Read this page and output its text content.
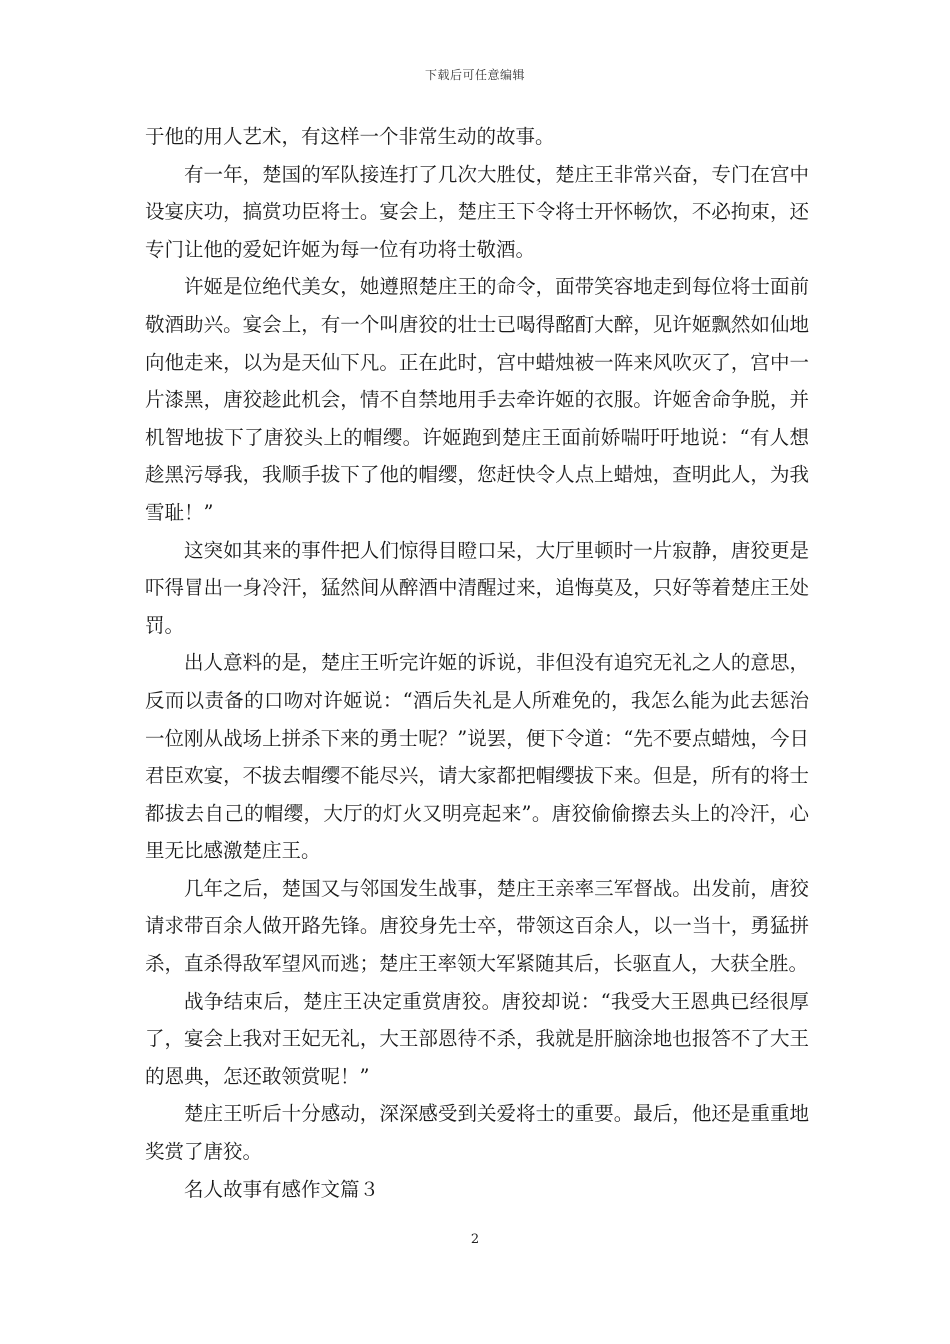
下载后可任意编辑

于他的用人艺术，有这样一个非常生动的故事。

有一年，楚国的军队接连打了几次大胜仗，楚庄王非常兴奋，专门在宫中设宴庆功，搞赏功臣将士。宴会上，楚庄王下令将士开怀畅饮，不必拘束，还专门让他的爱妃许姬为每一位有功将士敬酒。

许姬是位绝代美女，她遵照楚庄王的命令，面带笑容地走到每位将士面前敬酒助兴。宴会上，有一个叫唐狡的壮士已喝得酩酊大醉，见许姬飘然如仙地向他走来，以为是天仙下凡。正在此时，宫中蜡烛被一阵来风吹灭了，宫中一片漆黑，唐狡趁此机会，情不自禁地用手去牵许姬的衣服。许姬舍命争脱，并机智地拔下了唐狡头上的帽缨。许姬跑到楚庄王面前娇喘吁吁地说：“有人想趁黑污辱我，我顺手拔下了他的帽缨，您赶快令人点上蜡烛，查明此人，为我雪耻！”

这突如其来的事件把人们惊得目瞪口呆，大厅里顿时一片寂静，唐狡更是吓得冒出一身冷汗，猛然间从醉酒中清醒过来，追悔莫及，只好等着楚庄王处罚。

出人意料的是，楚庄王听完许姬的诉说，非但没有追究无礼之人的意思，反而以责备的口吻对许姬说：“酒后失礼是人所难免的，我怎么能为此去惩治一位刚从战场上拼杀下来的勇士呢？”说罢，便下令道：“先不要点蜡烛，今日君臣欢宴，不拔去帽缨不能尽兴，请大家都把帽缨拔下来。但是，所有的将士都拔去自己的帽缨，大厅的灯火又明亮起来”。唐狡偷偷擦去头上的冷汗，心里无比感激楚庄王。

几年之后，楚国又与邻国发生战事，楚庄王亲率三军督战。出发前，唐狡请求带百余人做开路先锋。唐狡身先士卒，带领这百余人，以一当十，勇猛拼杀，直杀得敌军望风而逃；楚庄王率领大军紧随其后，长驱直人，大获全胜。

战争结束后，楚庄王决定重赏唐狡。唐狡却说：“我受大王恩典已经很厚了，宴会上我对王妃无礼，大王部恩待不杀，我就是肝脑涂地也报答不了大王的恩典，怎还敢领赏呢！”

楚庄王听后十分感动，深深感受到关爱将士的重要。最后，他还是重重地奖赏了唐狡。

名人故事有感作文篇３

2
